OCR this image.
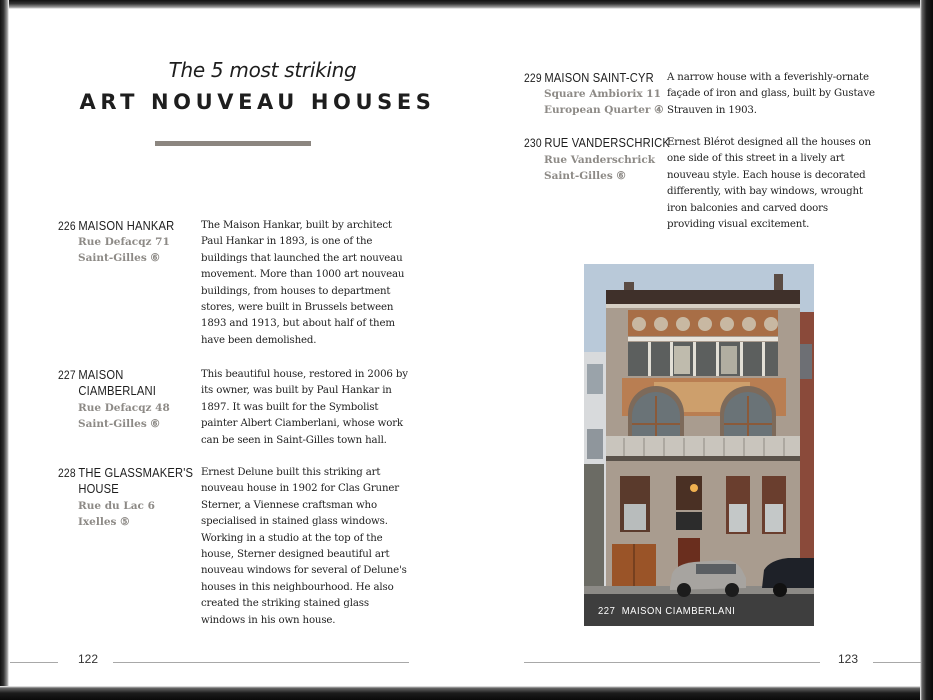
The 5 most striking
ART NOUVEAU HOUSES
226 MAISON HANKAR
Rue Defacqz 71
Saint-Gilles ⑥
The Maison Hankar, built by architect Paul Hankar in 1893, is one of the buildings that launched the art nouveau movement. More than 1000 art nouveau buildings, from houses to department stores, were built in Brussels between 1893 and 1913, but about half of them have been demolished.
227 MAISON
CIAMBERLANI
Rue Defacqz 48
Saint-Gilles ⑥
This beautiful house, restored in 2006 by its owner, was built by Paul Hankar in 1897. It was built for the Symbolist painter Albert Ciamberlani, whose work can be seen in Saint-Gilles town hall.
228 THE GLASSMAKER'S
HOUSE
Rue du Lac 6
Ixelles ⑤
Ernest Delune built this striking art nouveau house in 1902 for Clas Gruner Sterner, a Viennese craftsman who specialised in stained glass windows. Working in a studio at the top of the house, Sterner designed beautiful art nouveau windows for several of Delune's houses in this neighbourhood. He also created the striking stained glass windows in his own house.
229 MAISON SAINT-CYR
Square Ambiorix 11
European Quarter ④
A narrow house with a feverishly-ornate façade of iron and glass, built by Gustave Strauven in 1903.
230 RUE VANDERSCHRICK
Rue Vanderschrick
Saint-Gilles ⑥
Ernest Blérot designed all the houses on one side of this street in a lively art nouveau style. Each house is decorated differently, with bay windows, wrought iron balconies and carved doors providing visual excitement.
227 MAISON CIAMBERLANI
122	123
